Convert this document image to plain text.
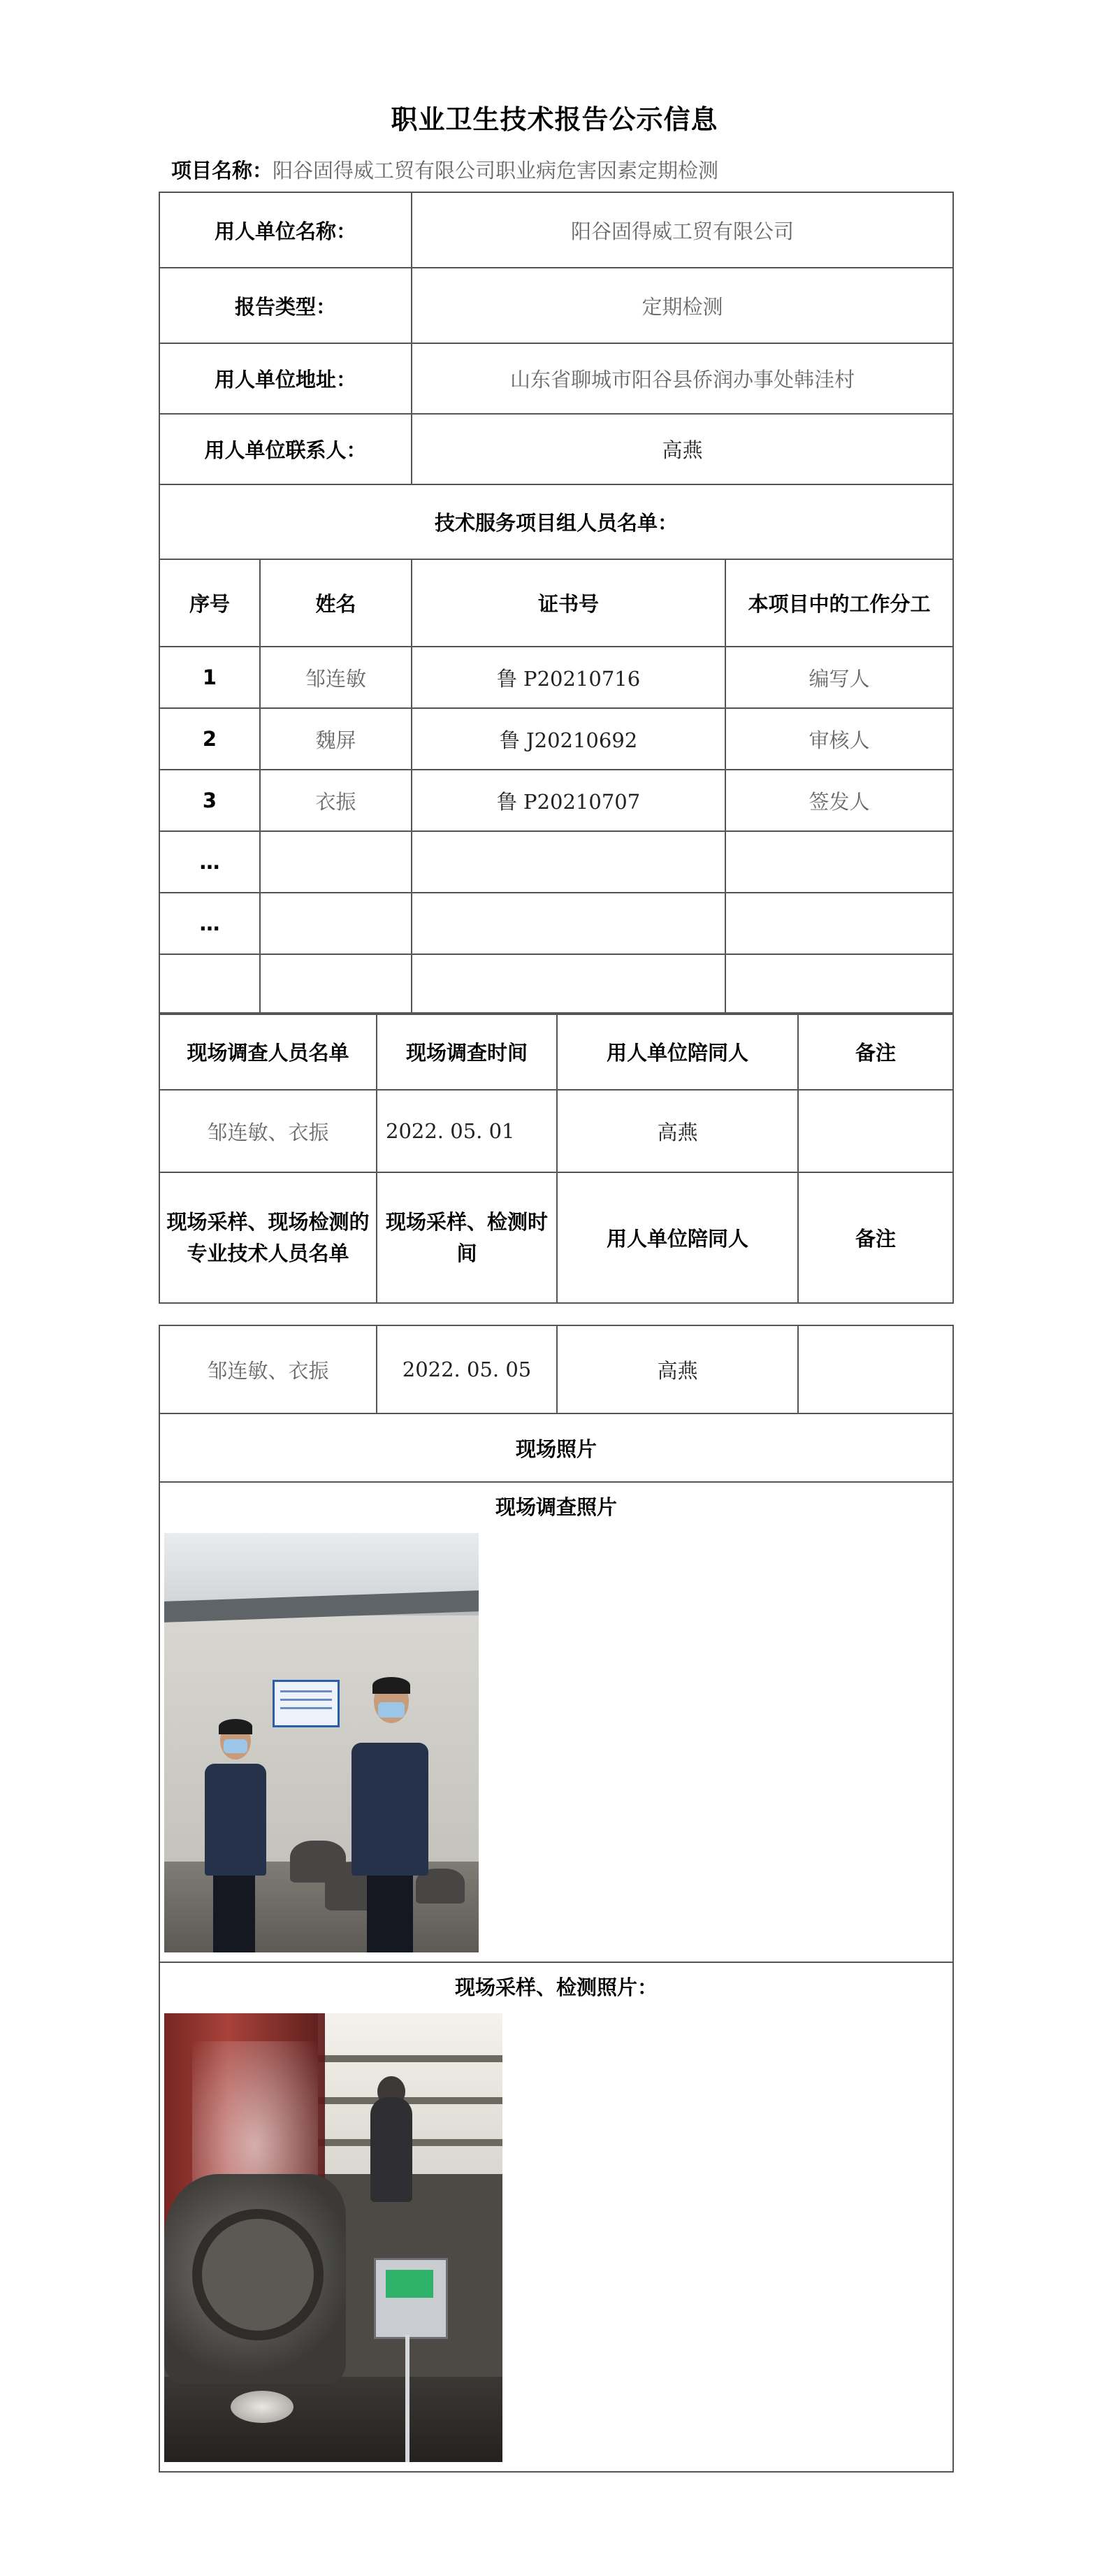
职业卫生技术报告公示信息
项目名称：阳谷固得威工贸有限公司职业病危害因素定期检测
用人单位名称：		阳谷固得威工贸有限公司	
报告类型：		定期检测	
用人单位地址：		山东省聊城市阳谷县侨润办事处韩洼村	
用人单位联系人：		高燕	
技术服务项目组人员名单：			
序号	姓名	证书号	本项目中的工作分工
1	邹连敏	鲁 P20210716	编写人
2	魏屏	鲁 J20210692	审核人
3	衣振	鲁 P20210707	签发人
…			
…			

现场调查人员名单	现场调查时间	用人单位陪同人	备注
邹连敏、衣振	2022. 05. 01	高燕	
现场采样、现场检测的专业技术人员名单	现场采样、检测时间	用人单位陪同人	备注
邹连敏、衣振	2022. 05. 05	高燕	
现场照片

现场调查照片

现场采样、检测照片：
